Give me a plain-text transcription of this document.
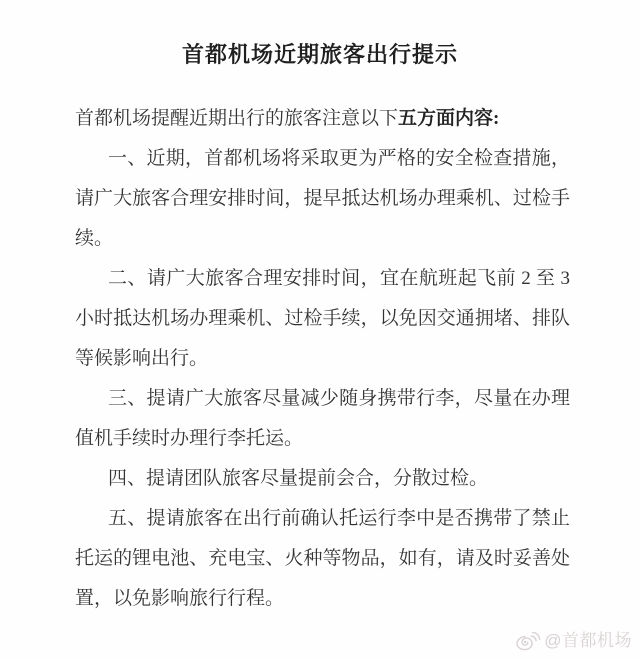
首都机场近期旅客出行提示

首都机场提醒近期出行的旅客注意以下五方面内容:

一、近期，首都机场将采取更为严格的安全检查措施，请广大旅客合理安排时间，提早抵达机场办理乘机、过检手续。

二、请广大旅客合理安排时间，宜在航班起飞前 2 至 3 小时抵达机场办理乘机、过检手续，以免因交通拥堵、排队等候影响出行。

三、提请广大旅客尽量减少随身携带行李，尽量在办理值机手续时办理行李托运。

四、提请团队旅客尽量提前会合，分散过检。

五、提请旅客在出行前确认托运行李中是否携带了禁止托运的锂电池、充电宝、火种等物品，如有，请及时妥善处置，以免影响旅行行程。

@首都机场
